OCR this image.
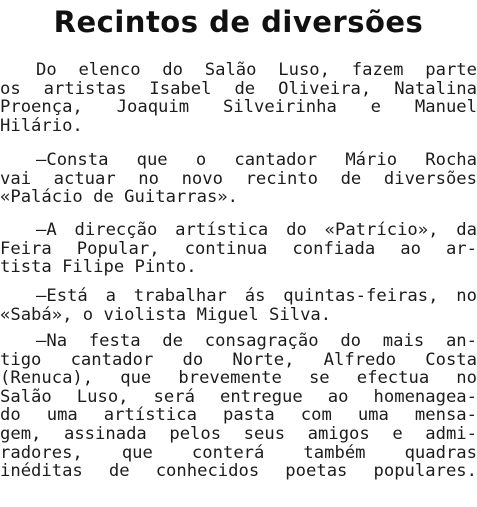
Recintos de diversões
Do elenco do Salão Luso, fazem parte
os artistas Isabel de Oliveira, Natalina
Proença, Joaquim Silveirinha e Manuel
Hilário.
—Consta que o cantador Mário Rocha
vai actuar no novo recinto de diversões
«Palácio de Guitarras».
—A direcção artística do «Patrício», da
Feira Popular, continua confiada ao ar-
tista Filipe Pinto.
—Está a trabalhar ás quintas-feiras, no
«Sabá», o violista Miguel Silva.
—Na festa de consagração do mais an-
tigo cantador do Norte, Alfredo Costa
(Renuca), que brevemente se efectua no
Salão Luso, será entregue ao homenagea-
do uma artística pasta com uma mensa-
gem, assinada pelos seus amigos e admi-
radores, que conterá também quadras
inéditas de conhecidos poetas populares.
